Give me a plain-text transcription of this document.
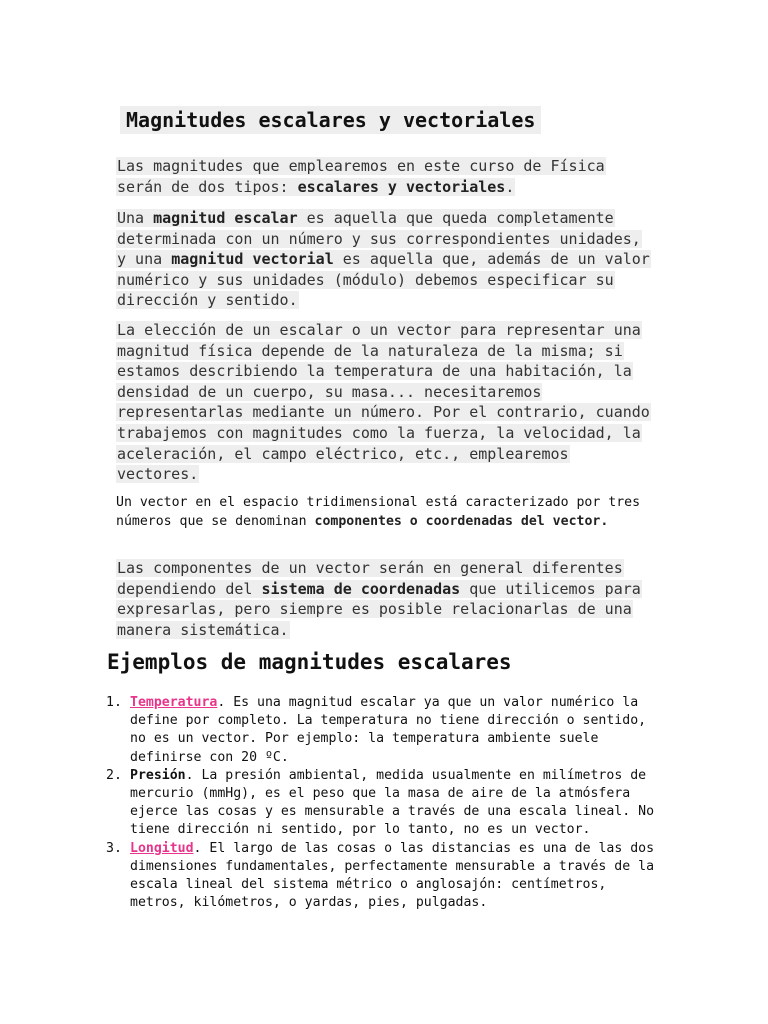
Magnitudes escalares y vectoriales

Las magnitudes que emplearemos en este curso de Física serán de dos tipos: escalares y vectoriales.

Una magnitud escalar es aquella que queda completamente determinada con un número y sus correspondientes unidades, y una magnitud vectorial es aquella que, además de un valor numérico y sus unidades (módulo) debemos especificar su dirección y sentido.

La elección de un escalar o un vector para representar una magnitud física depende de la naturaleza de la misma; si estamos describiendo la temperatura de una habitación, la densidad de un cuerpo, su masa... necesitaremos representarlas mediante un número. Por el contrario, cuando trabajemos con magnitudes como la fuerza, la velocidad, la aceleración, el campo eléctrico, etc., emplearemos vectores.

Un vector en el espacio tridimensional está caracterizado por tres números que se denominan componentes o coordenadas del vector.

Las componentes de un vector serán en general diferentes dependiendo del sistema de coordenadas que utilicemos para expresarlas, pero siempre es posible relacionarlas de una manera sistemática.

Ejemplos de magnitudes escalares
1. Temperatura. Es una magnitud escalar ya que un valor numérico la define por completo. La temperatura no tiene dirección o sentido, no es un vector. Por ejemplo: la temperatura ambiente suele definirse con 20 ºC.
2. Presión. La presión ambiental, medida usualmente en milímetros de mercurio (mmHg), es el peso que la masa de aire de la atmósfera ejerce las cosas y es mensurable a través de una escala lineal. No tiene dirección ni sentido, por lo tanto, no es un vector.
3. Longitud. El largo de las cosas o las distancias es una de las dos dimensiones fundamentales, perfectamente mensurable a través de la escala lineal del sistema métrico o anglosajón: centímetros, metros, kilómetros, o yardas, pies, pulgadas.
